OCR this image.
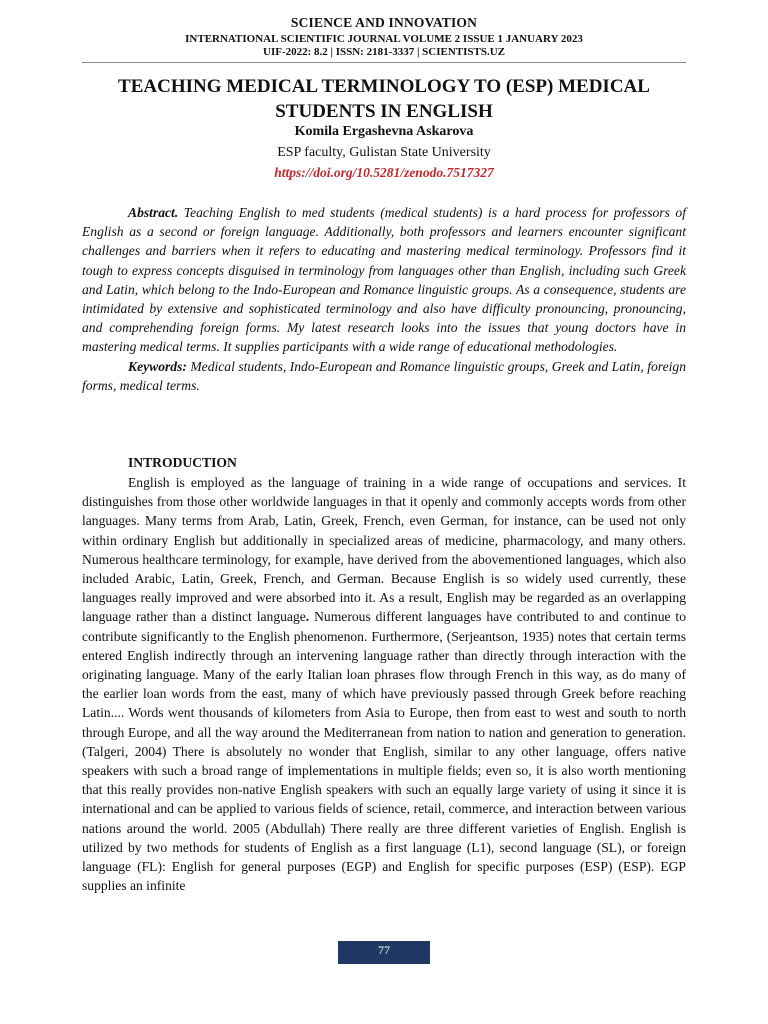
SCIENCE AND INNOVATION
INTERNATIONAL SCIENTIFIC JOURNAL VOLUME 2 ISSUE 1 JANUARY 2023
UIF-2022: 8.2 | ISSN: 2181-3337 | SCIENTISTS.UZ
TEACHING MEDICAL TERMINOLOGY TO (ESP) MEDICAL STUDENTS IN ENGLISH
Komila Ergashevna Askarova
ESP faculty, Gulistan State University
https://doi.org/10.5281/zenodo.7517327

Abstract. Teaching English to med students (medical students) is a hard process for professors of English as a second or foreign language. Additionally, both professors and learners encounter significant challenges and barriers when it refers to educating and mastering medical terminology. Professors find it tough to express concepts disguised in terminology from languages other than English, including such Greek and Latin, which belong to the Indo-European and Romance linguistic groups. As a consequence, students are intimidated by extensive and sophisticated terminology and also have difficulty pronouncing, pronouncing, and comprehending foreign forms. My latest research looks into the issues that young doctors have in mastering medical terms. It supplies participants with a wide range of educational methodologies.

Keywords: Medical students, Indo-European and Romance linguistic groups, Greek and Latin, foreign forms, medical terms.

INTRODUCTION

English is employed as the language of training in a wide range of occupations and services. It distinguishes from those other worldwide languages in that it openly and commonly accepts words from other languages. Many terms from Arab, Latin, Greek, French, even German, for instance, can be used not only within ordinary English but additionally in specialized areas of medicine, pharmacology, and many others. Numerous healthcare terminology, for example, have derived from the abovementioned languages, which also included Arabic, Latin, Greek, French, and German. Because English is so widely used currently, these languages really improved and were absorbed into it. As a result, English may be regarded as an overlapping language rather than a distinct language. Numerous different languages have contributed to and continue to contribute significantly to the English phenomenon. Furthermore, (Serjeantson, 1935) notes that certain terms entered English indirectly through an intervening language rather than directly through interaction with the originating language. Many of the early Italian loan phrases flow through French in this way, as do many of the earlier loan words from the east, many of which have previously passed through Greek before reaching Latin.... Words went thousands of kilometers from Asia to Europe, then from east to west and south to north through Europe, and all the way around the Mediterranean from nation to nation and generation to generation. (Talgeri, 2004) There is absolutely no wonder that English, similar to any other language, offers native speakers with such a broad range of implementations in multiple fields; even so, it is also worth mentioning that this really provides non-native English speakers with such an equally large variety of using it since it is international and can be applied to various fields of science, retail, commerce, and interaction between various nations around the world. 2005 (Abdullah) There really are three different varieties of English. English is utilized by two methods for students of English as a first language (L1), second language (SL), or foreign language (FL): English for general purposes (EGP) and English for specific purposes (ESP) (ESP). EGP supplies an infinite

77
